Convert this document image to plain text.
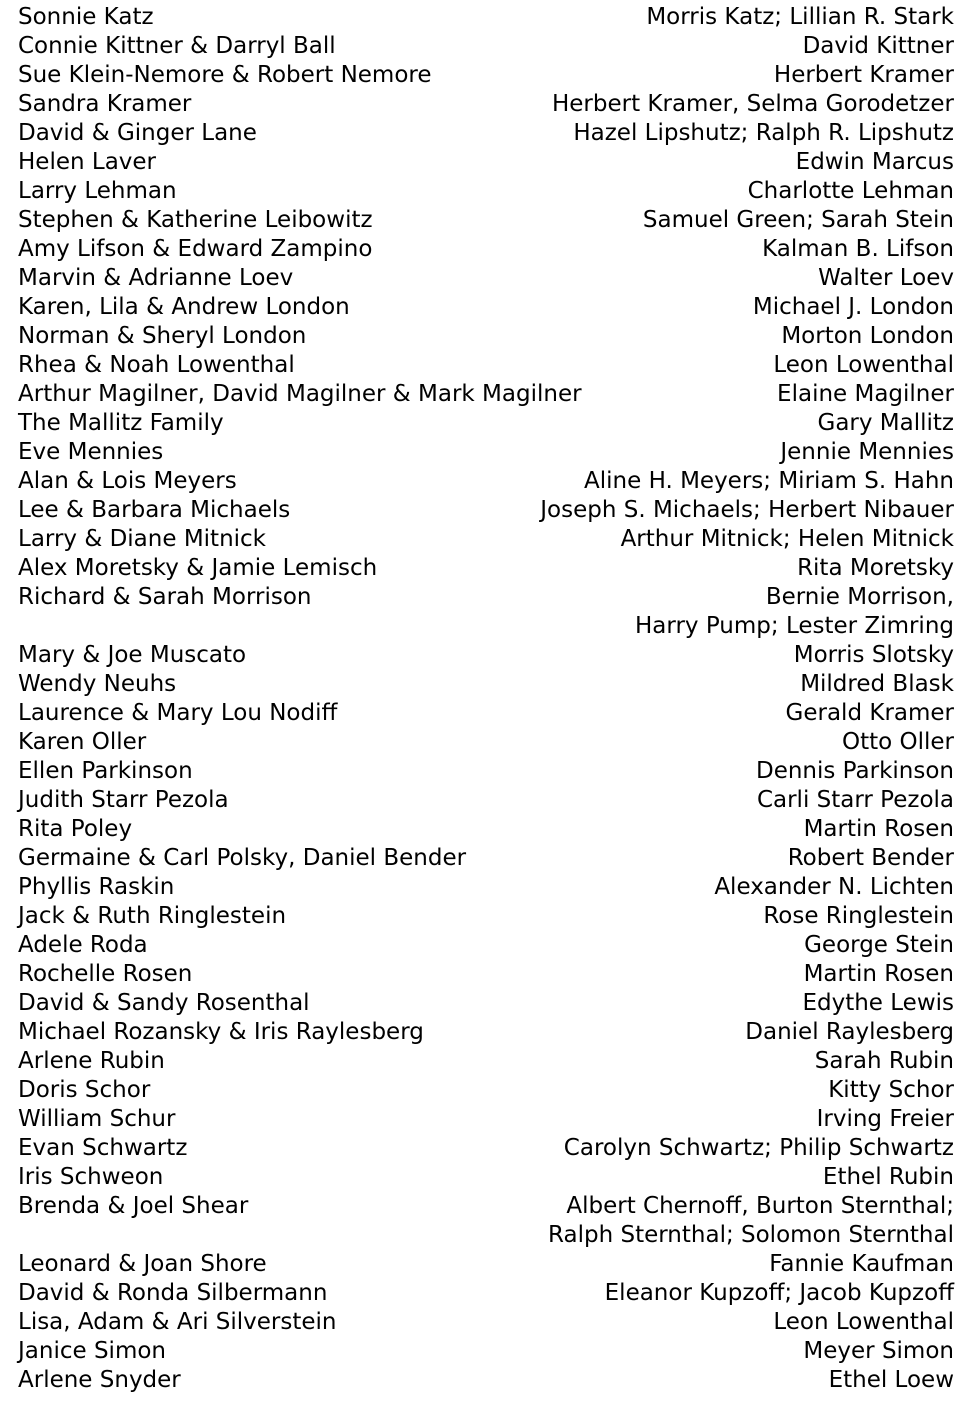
Sonnie Katz	Morris Katz; Lillian R. Stark
Connie Kittner & Darryl Ball	David Kittner
Sue Klein-Nemore & Robert Nemore	Herbert Kramer
Sandra Kramer	Herbert Kramer, Selma Gorodetzer
David & Ginger Lane	Hazel Lipshutz; Ralph R. Lipshutz
Helen Laver	Edwin Marcus
Larry Lehman	Charlotte Lehman
Stephen & Katherine Leibowitz	Samuel Green; Sarah Stein
Amy Lifson & Edward Zampino	Kalman B. Lifson
Marvin & Adrianne Loev	Walter Loev
Karen, Lila & Andrew London	Michael J. London
Norman & Sheryl London	Morton London
Rhea & Noah Lowenthal	Leon Lowenthal
Arthur Magilner, David Magilner & Mark Magilner	Elaine Magilner
The Mallitz Family	Gary Mallitz
Eve Mennies	Jennie Mennies
Alan & Lois Meyers	Aline H. Meyers; Miriam S. Hahn
Lee & Barbara Michaels	Joseph S. Michaels; Herbert Nibauer
Larry & Diane Mitnick	Arthur Mitnick; Helen Mitnick
Alex Moretsky & Jamie Lemisch	Rita Moretsky
Richard & Sarah Morrison	Bernie Morrison,
Harry Pump; Lester Zimring
Mary & Joe Muscato	Morris Slotsky
Wendy Neuhs	Mildred Blask
Laurence & Mary Lou Nodiff	Gerald Kramer
Karen Oller	Otto Oller
Ellen Parkinson	Dennis Parkinson
Judith Starr Pezola	Carli Starr Pezola
Rita Poley	Martin Rosen
Germaine & Carl Polsky, Daniel Bender	Robert Bender
Phyllis Raskin	Alexander N. Lichten
Jack & Ruth Ringlestein	Rose Ringlestein
Adele Roda	George Stein
Rochelle Rosen	Martin Rosen
David & Sandy Rosenthal	Edythe Lewis
Michael Rozansky & Iris Raylesberg	Daniel Raylesberg
Arlene Rubin	Sarah Rubin
Doris Schor	Kitty Schor
William Schur	Irving Freier
Evan Schwartz	Carolyn Schwartz; Philip Schwartz
Iris Schweon	Ethel Rubin
Brenda & Joel Shear	Albert Chernoff, Burton Sternthal;
Ralph Sternthal; Solomon Sternthal
Leonard & Joan Shore	Fannie Kaufman
David & Ronda Silbermann	Eleanor Kupzoff; Jacob Kupzoff
Lisa, Adam & Ari Silverstein	Leon Lowenthal
Janice Simon	Meyer Simon
Arlene Snyder	Ethel Loew
